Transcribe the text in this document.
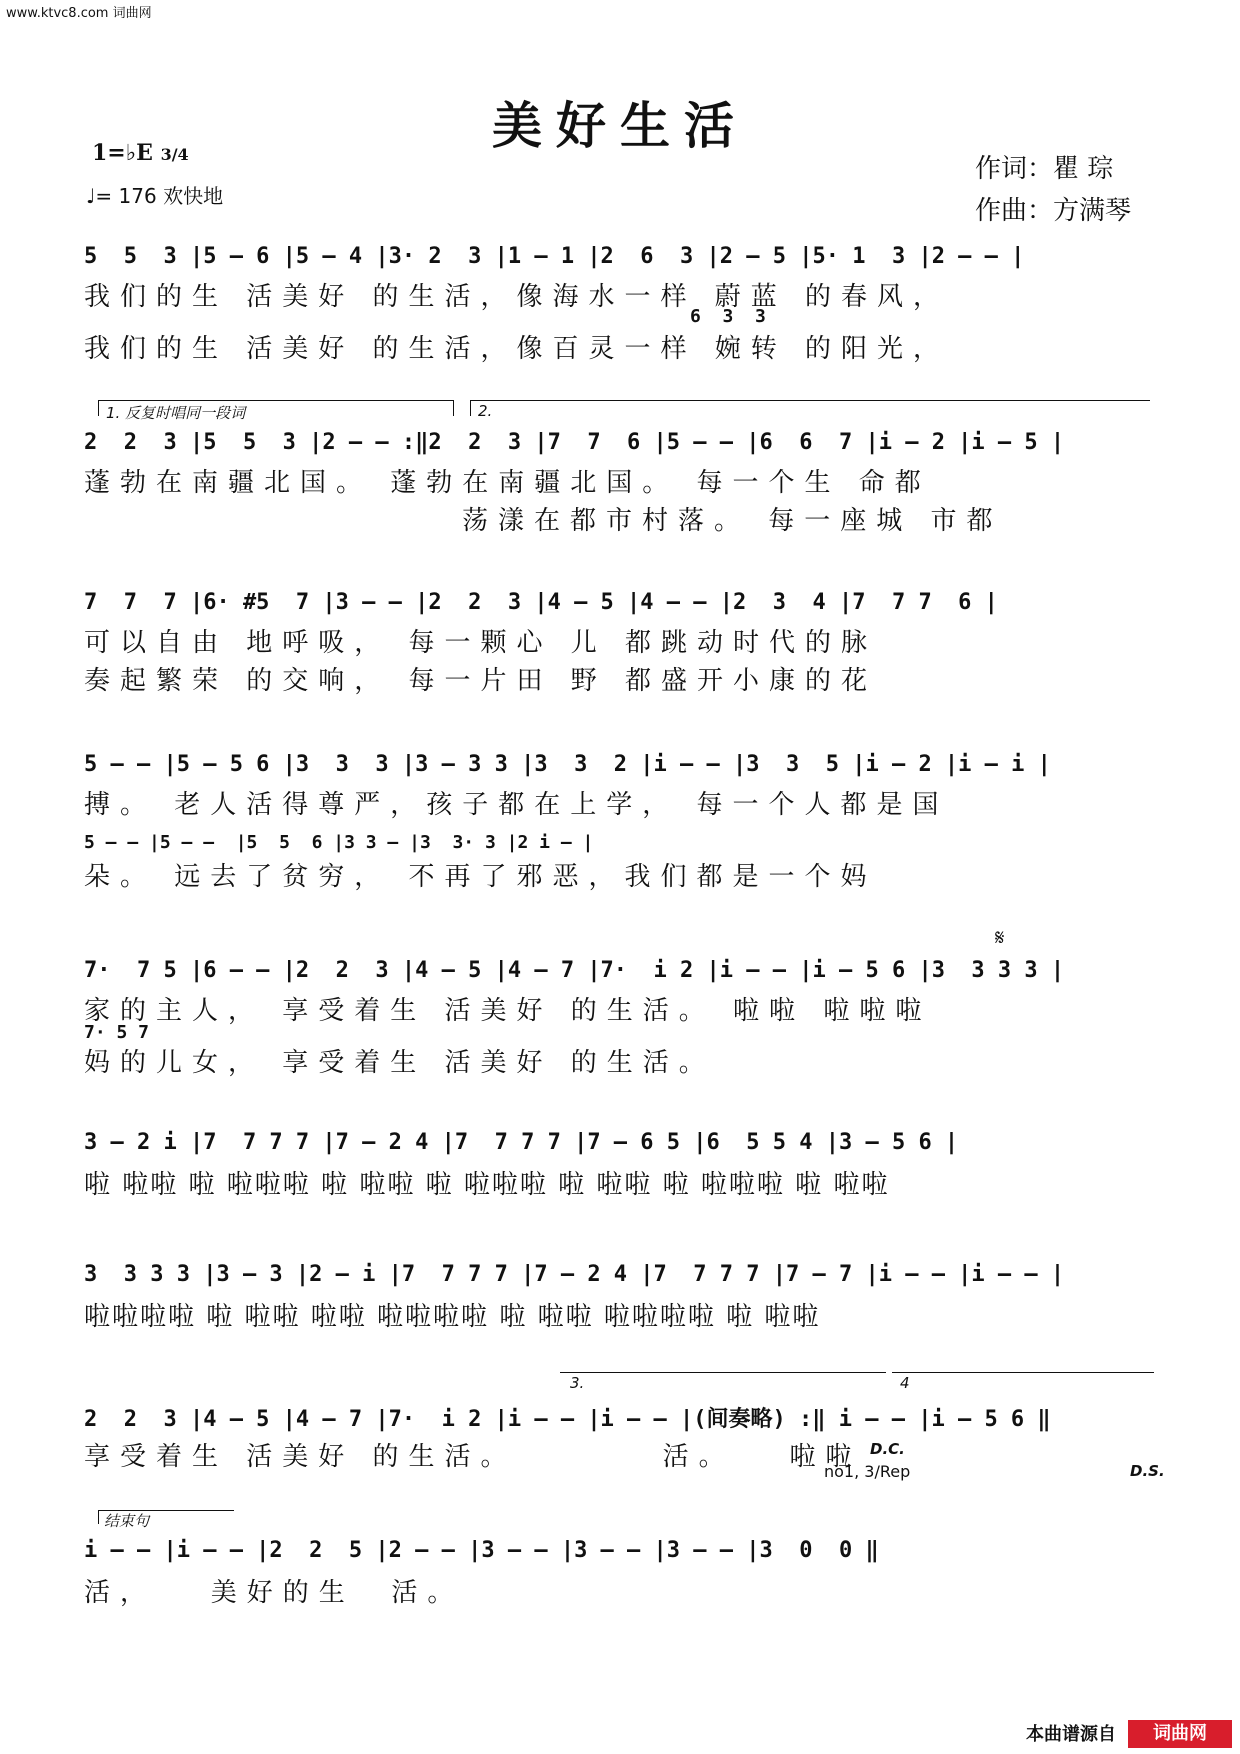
www.ktvc8.com 词曲网
美好生活
1=♭E 3/4
♩= 176 欢快地
作词：瞿 琮
作曲：方满琴
5  5  3 |5 – 6 |5 – 4 |3· 2  3 |1 – 1 |2  6  3 |2 – 5 |5· 1  3 |2 – – |
我们的生 活美好 的生活，像海水一样 蔚蓝 的春风，
6  3  3
我们的生 活美好 的生活，像百灵一样 婉转 的阳光，
1. 反复时唱同一段词	2.
2  2  3 |5  5  3 |2 – – :‖2  2  3 |7  7  6 |5 – – |6  6  7 |i – 2 |i – 5 |
蓬勃在南疆北国。 蓬勃在南疆北国。 每一个生 命都
荡漾在都市村落。 每一座城 市都
7  7  7 |6· #5  7 |3 – – |2  2  3 |4 – 5 |4 – – |2  3  4 |7  7 7  6 |
可以自由 地呼吸， 每一颗心 儿 都跳动时代的脉
奏起繁荣 的交响， 每一片田 野 都盛开小康的花
5 – – |5 – 5 6 |3  3  3 |3 – 3 3 |3  3  2 |i – – |3  3  5 |i – 2 |i – i |
搏。 老人活得尊严，孩子都在上学， 每一个人都是国
5 – – |5 – –  |5  5  6 |3 3 – |3  3· 3 |2 i – |
朵。 远去了贫穷， 不再了邪恶，我们都是一个妈
𝄋
7·  7 5 |6 – – |2  2  3 |4 – 5 |4 – 7 |7·  i 2 |i – – |i – 5 6 |3  3 3 3 |
家的主人， 享受着生 活美好 的生活。 啦啦 啦啦啦
7· 5 7
妈的儿女， 享受着生 活美好 的生活。
3 – 2 i |7  7 7 7 |7 – 2 4 |7  7 7 7 |7 – 6 5 |6  5 5 4 |3 – 5 6 |
啦 啦啦 啦 啦啦啦 啦 啦啦 啦 啦啦啦 啦 啦啦 啦 啦啦啦 啦 啦啦
3  3 3 3 |3 – 3 |2 – i |7  7 7 7 |7 – 2 4 |7  7 7 7 |7 – 7 |i – – |i – – |
啦啦啦啦 啦 啦啦 啦啦 啦啦啦啦 啦 啦啦 啦啦啦啦 啦 啦啦
3.	4
2  2  3 |4 – 5 |4 – 7 |7·  i 2 |i – – |i – – |(间奏略) :‖ i – – |i – 5 6 ‖
享受着生 活美好 的生活。        活。   啦啦 D.C.
no1, 3/Rep	D.S.
结束句
i – – |i – – |2  2  5 |2 – – |3 – – |3 – – |3 – – |3  0  0 ‖
活，   美好的生  活。
本曲谱源自	词曲网
